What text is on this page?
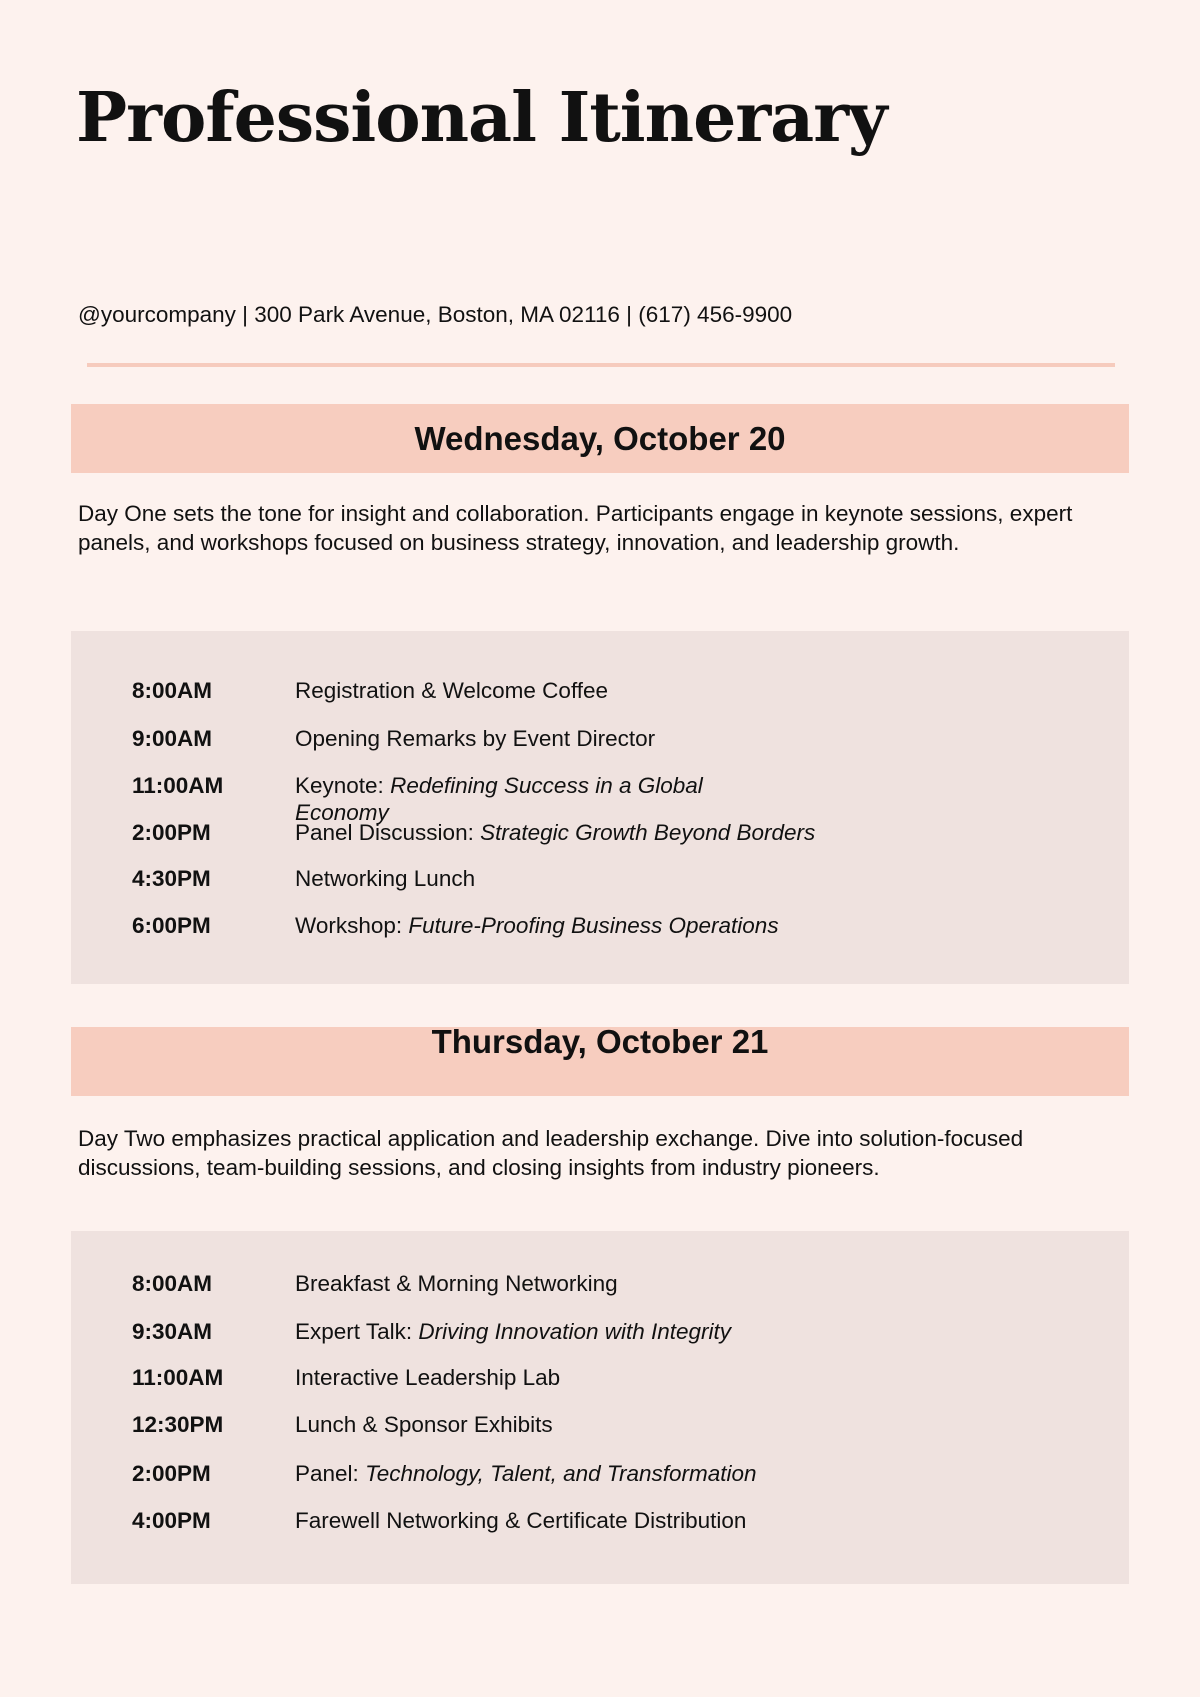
Professional Itinerary
@yourcompany | 300 Park Avenue, Boston, MA 02116 | (617) 456-9900
Wednesday, October 20
Day One sets the tone for insight and collaboration. Participants engage in keynote sessions, expert panels, and workshops focused on business strategy, innovation, and leadership growth.
8:00AM	Registration & Welcome Coffee
9:00AM	Opening Remarks by Event Director
11:00AM	Keynote: Redefining Success in a Global Economy
2:00PM	Panel Discussion: Strategic Growth Beyond Borders
4:30PM	Networking Lunch
6:00PM	Workshop: Future-Proofing Business Operations
Thursday, October 21
Day Two emphasizes practical application and leadership exchange. Dive into solution-focused discussions, team-building sessions, and closing insights from industry pioneers.
8:00AM	Breakfast & Morning Networking
9:30AM	Expert Talk: Driving Innovation with Integrity
11:00AM	Interactive Leadership Lab
12:30PM	Lunch & Sponsor Exhibits
2:00PM	Panel: Technology, Talent, and Transformation
4:00PM	Farewell Networking & Certificate Distribution
